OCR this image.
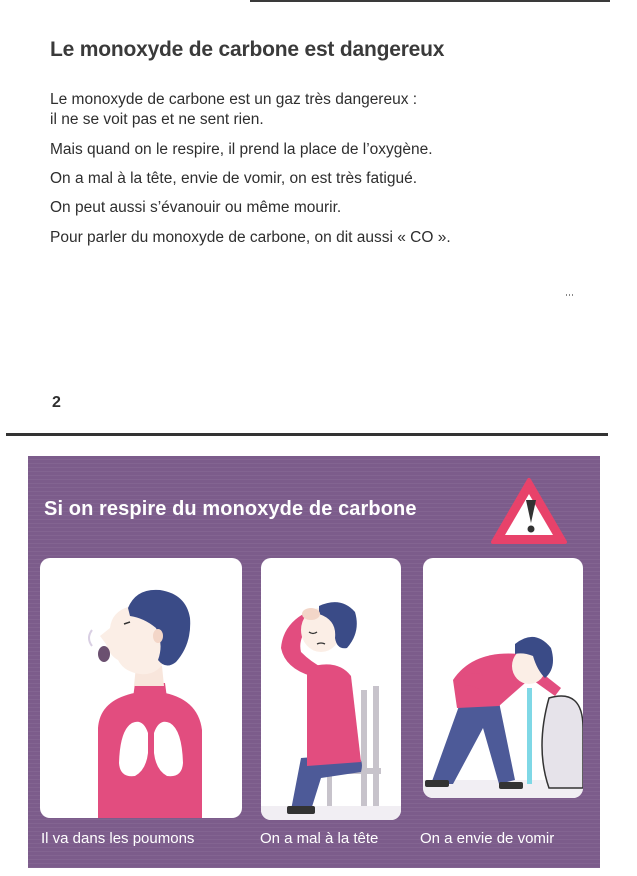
Le monoxyde de carbone est dangereux

Le monoxyde de carbone est un gaz très dangereux :

il ne se voit pas et ne sent rien.

Mais quand on le respire, il prend la place de l’oxygène.

On a mal à la tête, envie de vomir, on est très fatigué.

On peut aussi s’évanouir ou même mourir.

Pour parler du monoxyde de carbone, on dit aussi « CO ».

2
Si on respire du monoxyde de carbone

Il va dans les poumons	On a mal à la tête	On a envie de vomir
